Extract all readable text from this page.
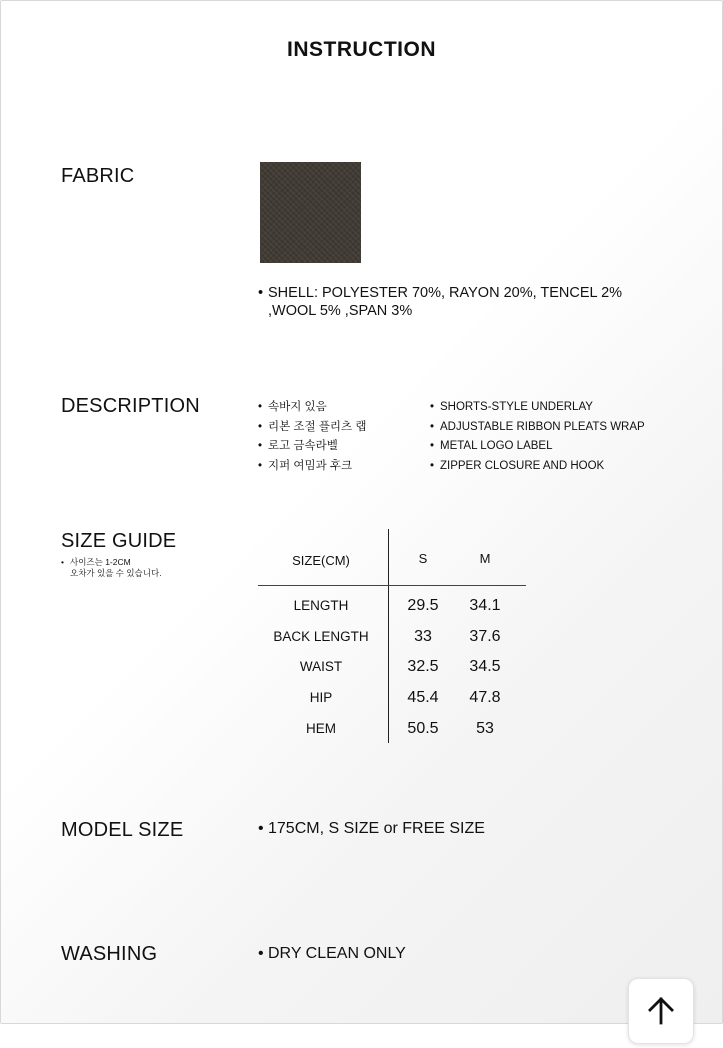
INSTRUCTION
FABRIC
• SHELL: POLYESTER 70%, RAYON 20%, TENCEL 2%
,WOOL 5% ,SPAN 3%
DESCRIPTION	• 속바지 있음
• 리본 조절 플리츠 랩
• 로고 금속라벨
• 지퍼 여밈과 후크
• SHORTS-STYLE UNDERLAY
• ADJUSTABLE RIBBON PLEATS WRAP
• METAL LOGO LABEL
• ZIPPER CLOSURE AND HOOK
SIZE GUIDE
• 사이즈는 1-2CM
오차가 있을 수 있습니다.
SIZE(CM)	S	M
LENGTH	29.5	34.1
BACK LENGTH	33	37.6
WAIST	32.5	34.5
HIP	45.4	47.8
HEM	50.5	53
MODEL SIZE	• 175CM, S SIZE or FREE SIZE
WASHING	• DRY CLEAN ONLY
